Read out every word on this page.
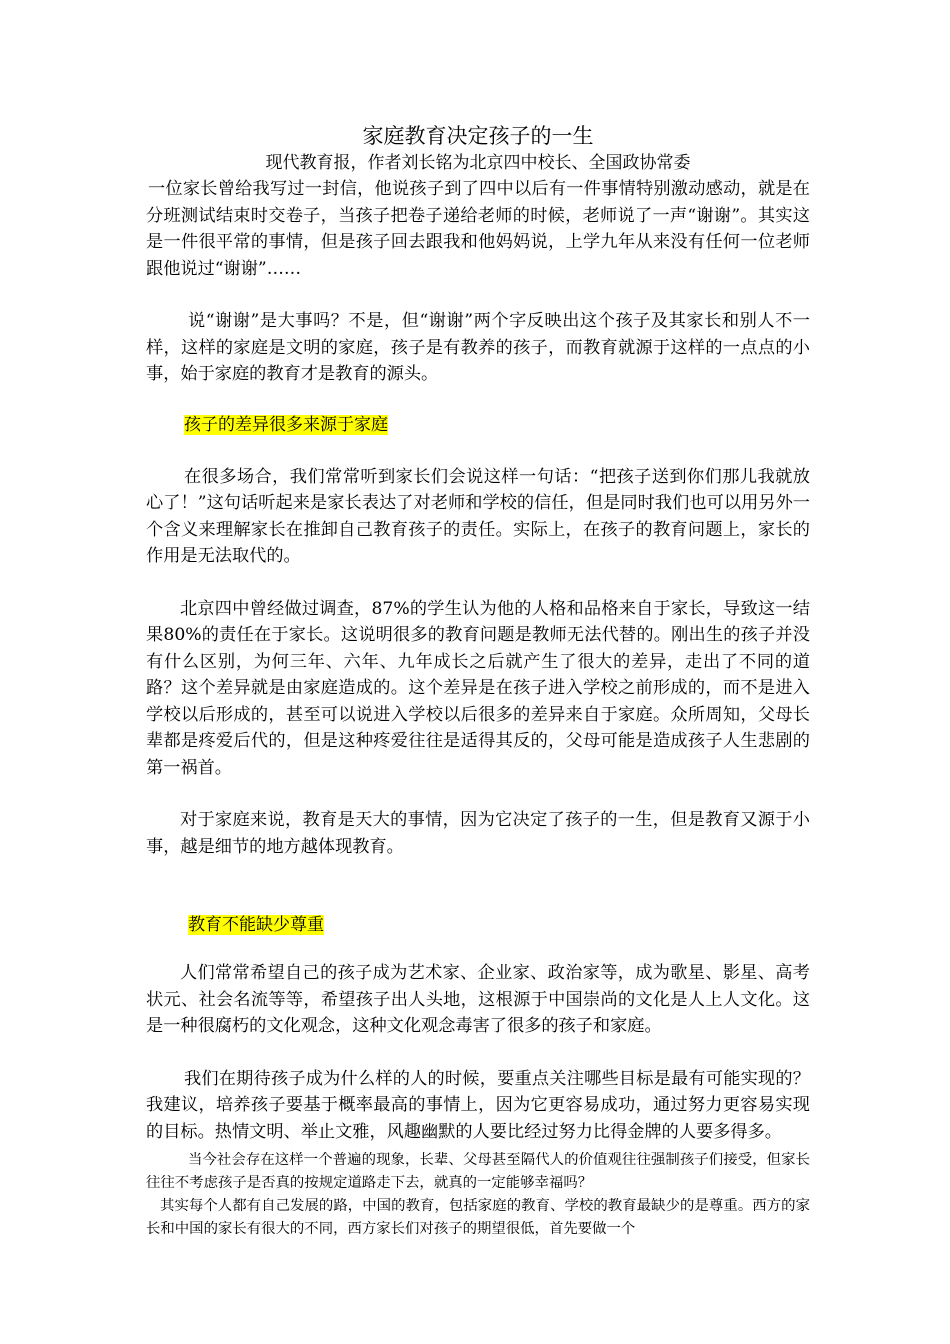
家庭教育决定孩子的一生

现代教育报，作者刘长铭为北京四中校长、全国政协常委

一位家长曾给我写过一封信，他说孩子到了四中以后有一件事情特别激动感动，就是在分班测试结束时交卷子，当孩子把卷子递给老师的时候，老师说了一声“谢谢”。其实这是一件很平常的事情，但是孩子回去跟我和他妈妈说，上学九年从来没有任何一位老师跟他说过“谢谢”……

说“谢谢”是大事吗？不是，但“谢谢”两个字反映出这个孩子及其家长和别人不一样，这样的家庭是文明的家庭，孩子是有教养的孩子，而教育就源于这样的一点点的小事，始于家庭的教育才是教育的源头。

孩子的差异很多来源于家庭

在很多场合，我们常常听到家长们会说这样一句话：“把孩子送到你们那儿我就放心了！”这句话听起来是家长表达了对老师和学校的信任，但是同时我们也可以用另外一个含义来理解家长在推卸自己教育孩子的责任。实际上，在孩子的教育问题上，家长的作用是无法取代的。

北京四中曾经做过调查，87%的学生认为他的人格和品格来自于家长，导致这一结果80%的责任在于家长。这说明很多的教育问题是教师无法代替的。刚出生的孩子并没有什么区别，为何三年、六年、九年成长之后就产生了很大的差异，走出了不同的道路？这个差异就是由家庭造成的。这个差异是在孩子进入学校之前形成的，而不是进入学校以后形成的，甚至可以说进入学校以后很多的差异来自于家庭。众所周知，父母长辈都是疼爱后代的，但是这种疼爱往往是适得其反的，父母可能是造成孩子人生悲剧的第一祸首。

对于家庭来说，教育是天大的事情，因为它决定了孩子的一生，但是教育又源于小事，越是细节的地方越体现教育。

教育不能缺少尊重

人们常常希望自己的孩子成为艺术家、企业家、政治家等，成为歌星、影星、高考状元、社会名流等等，希望孩子出人头地，这根源于中国崇尚的文化是人上人文化。这是一种很腐朽的文化观念，这种文化观念毒害了很多的孩子和家庭。

我们在期待孩子成为什么样的人的时候，要重点关注哪些目标是最有可能实现的？我建议，培养孩子要基于概率最高的事情上，因为它更容易成功，通过努力更容易实现的目标。热情文明、举止文雅，风趣幽默的人要比经过努力比得金牌的人要多得多。

当今社会存在这样一个普遍的现象，长辈、父母甚至隔代人的价值观往往强制孩子们接受，但家长往往不考虑孩子是否真的按规定道路走下去，就真的一定能够幸福吗？

其实每个人都有自己发展的路，中国的教育，包括家庭的教育、学校的教育最缺少的是尊重。西方的家长和中国的家长有很大的不同，西方家长们对孩子的期望很低，首先要做一个
